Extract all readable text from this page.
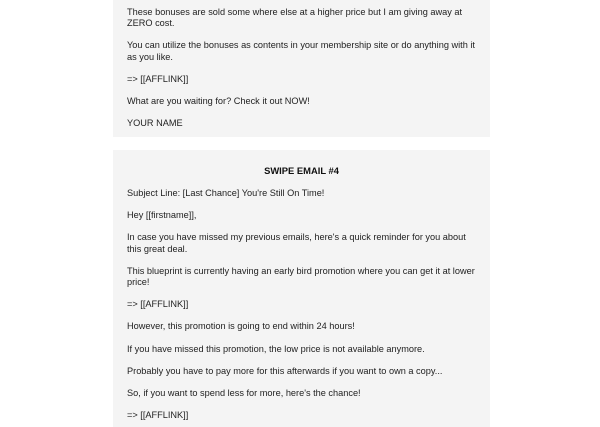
These bonuses are sold some where else at a higher price but I am giving away at ZERO cost.

You can utilize the bonuses as contents in your membership site or do anything with it as you like.

=> [[AFFLINK]]

What are you waiting for? Check it out NOW!

YOUR NAME

SWIPE EMAIL #4

Subject Line: [Last Chance] You're Still On Time!

Hey [[firstname]],

In case you have missed my previous emails, here's a quick reminder for you about this great deal.

This blueprint is currently having an early bird promotion where you can get it at lower price!

=> [[AFFLINK]]

However, this promotion is going to end within 24 hours!

If you have missed this promotion, the low price is not available anymore.

Probably you have to pay more for this afterwards if you want to own a copy...

So, if you want to spend less for more, here's the chance!

=> [[AFFLINK]]
